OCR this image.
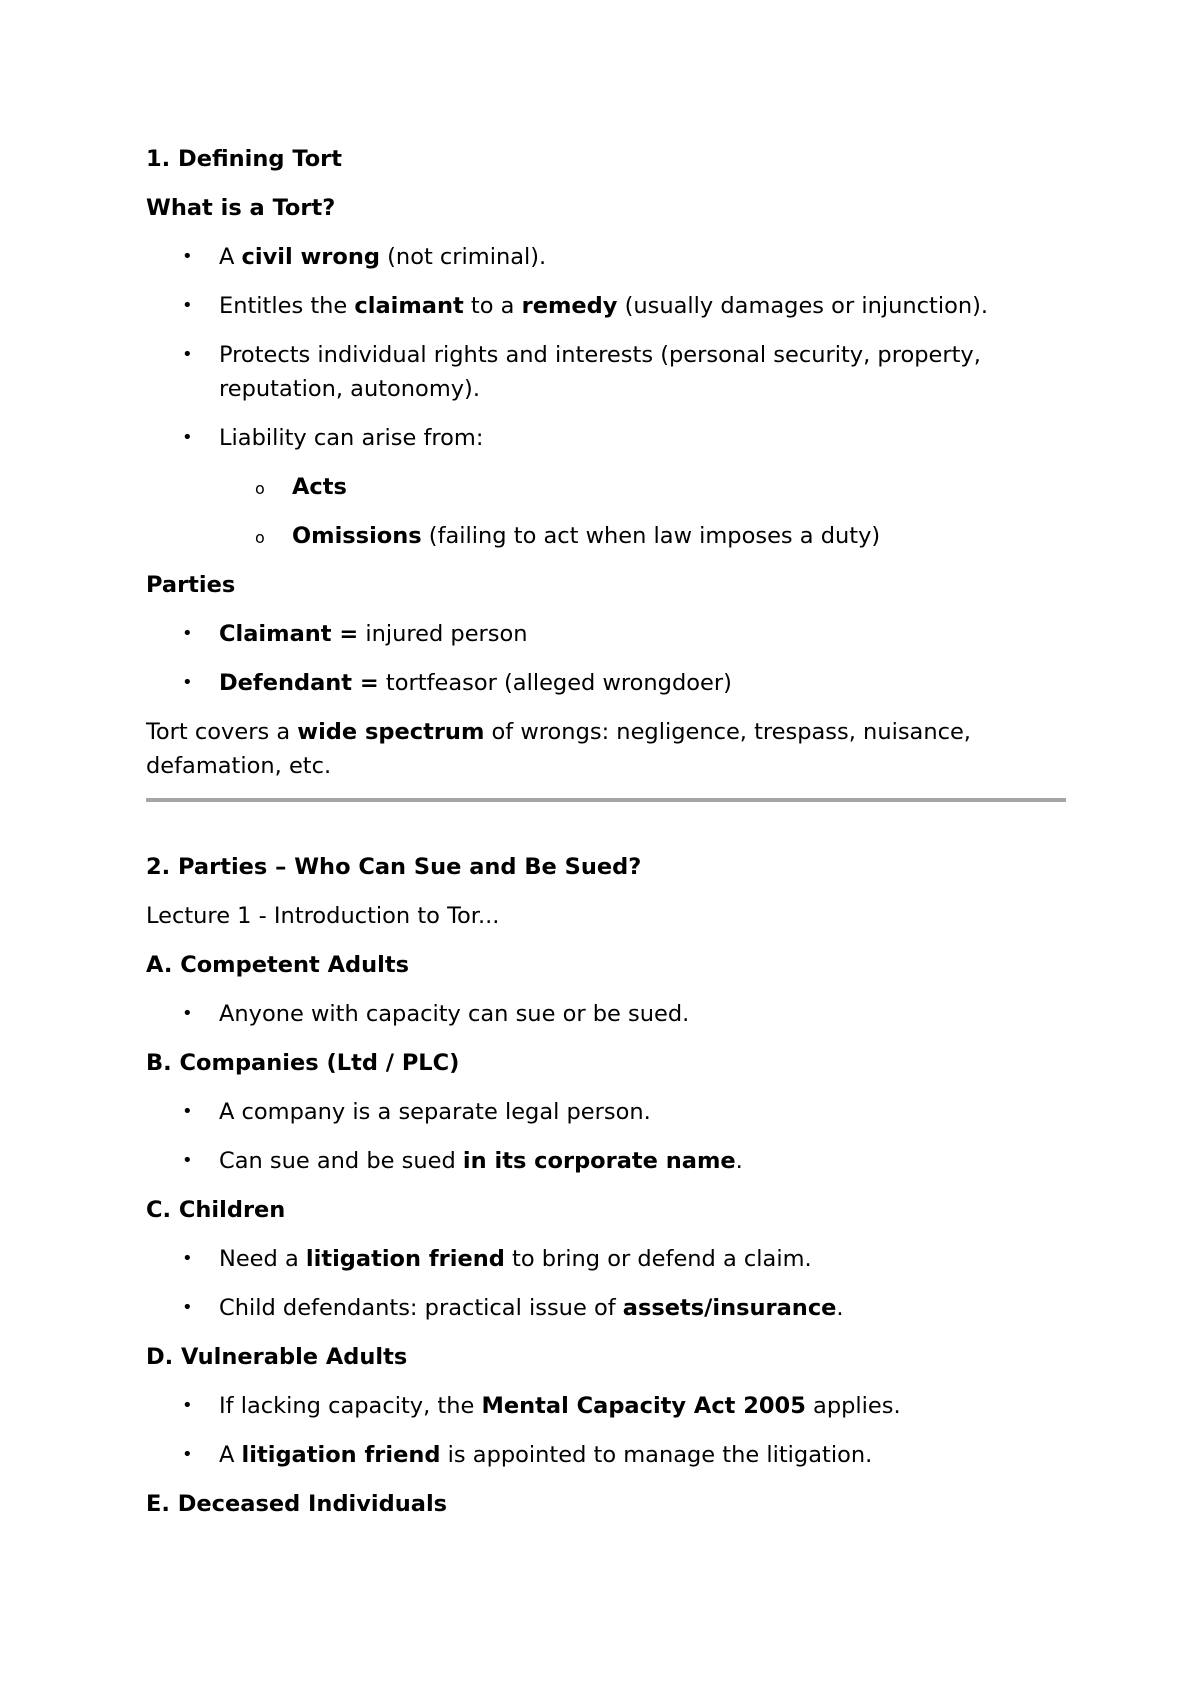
1. Defining Tort
What is a Tort?
• A civil wrong (not criminal).
• Entitles the claimant to a remedy (usually damages or injunction).
• Protects individual rights and interests (personal security, property, reputation, autonomy).
• Liability can arise from:
o Acts
o Omissions (failing to act when law imposes a duty)
Parties
• Claimant = injured person
• Defendant = tortfeasor (alleged wrongdoer)
Tort covers a wide spectrum of wrongs: negligence, trespass, nuisance, defamation, etc.
2. Parties – Who Can Sue and Be Sued?
Lecture 1 - Introduction to Tor...
A. Competent Adults
• Anyone with capacity can sue or be sued.
B. Companies (Ltd / PLC)
• A company is a separate legal person.
• Can sue and be sued in its corporate name.
C. Children
• Need a litigation friend to bring or defend a claim.
• Child defendants: practical issue of assets/insurance.
D. Vulnerable Adults
• If lacking capacity, the Mental Capacity Act 2005 applies.
• A litigation friend is appointed to manage the litigation.
E. Deceased Individuals
